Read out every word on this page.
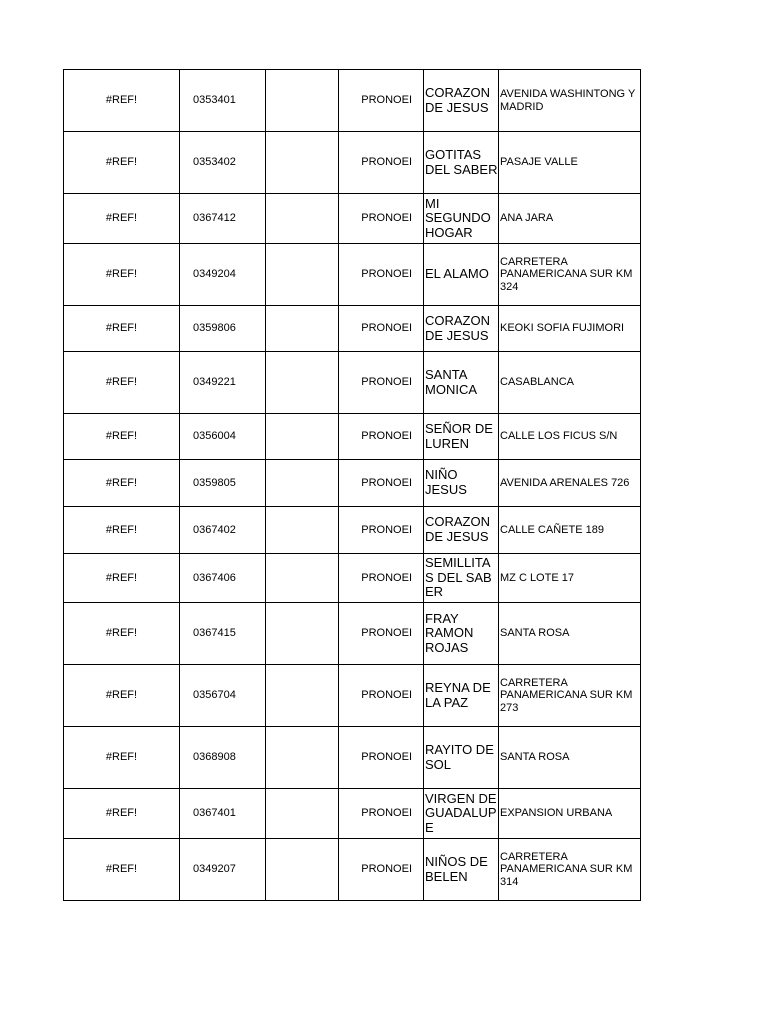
#REF!	0353401		PRONOEI	CORAZON DE JESUS	AVENIDA WASHINTONG Y MADRID
#REF!	0353402		PRONOEI	GOTITAS DEL SABER	PASAJE VALLE
#REF!	0367412		PRONOEI	MI SEGUNDO HOGAR	ANA JARA
#REF!	0349204		PRONOEI	EL ALAMO	CARRETERA PANAMERICANA SUR KM 324
#REF!	0359806		PRONOEI	CORAZON DE JESUS	KEOKI SOFIA FUJIMORI
#REF!	0349221		PRONOEI	SANTA MONICA	CASABLANCA
#REF!	0356004		PRONOEI	SEÑOR DE LUREN	CALLE LOS FICUS S/N
#REF!	0359805		PRONOEI	NIÑO JESUS	AVENIDA ARENALES 726
#REF!	0367402		PRONOEI	CORAZON DE JESUS	CALLE CAÑETE 189
#REF!	0367406		PRONOEI	SEMILLITAS DEL SABER	MZ C LOTE 17
#REF!	0367415		PRONOEI	FRAY RAMON ROJAS	SANTA ROSA
#REF!	0356704		PRONOEI	REYNA DE LA PAZ	CARRETERA PANAMERICANA SUR KM 273
#REF!	0368908		PRONOEI	RAYITO DE SOL	SANTA ROSA
#REF!	0367401		PRONOEI	VIRGEN DE GUADALUPE	EXPANSION URBANA
#REF!	0349207		PRONOEI	NIÑOS DE BELEN	CARRETERA PANAMERICANA SUR KM 314
